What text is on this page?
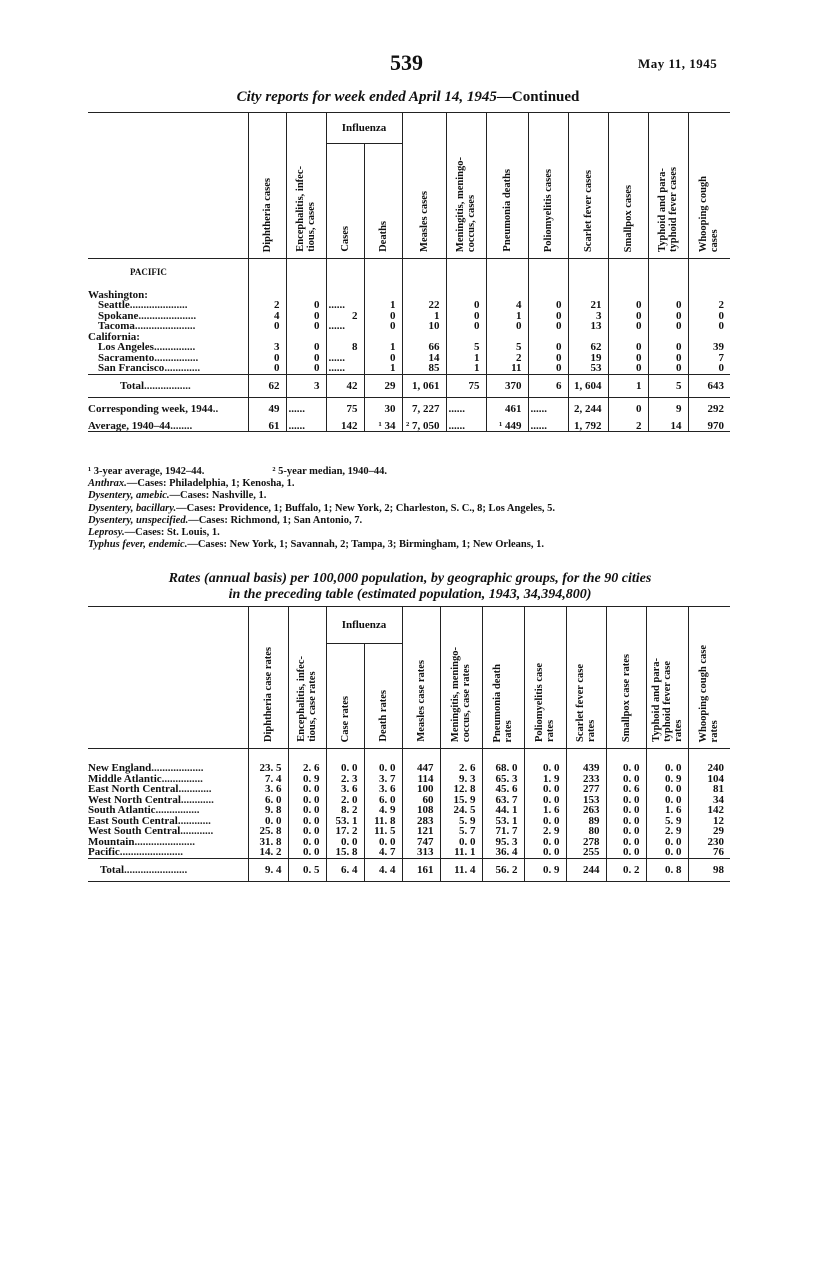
539	May 11, 1945
City reports for week ended April 14, 1945—Continued

	Diphtheria cases	Encephalitis, infec-
tious, cases	Influenza		Measles cases	Meningitis, meningo-
coccus, cases	Pneumonia deaths	Poliomyelitis cases	Scarlet fever cases	Smallpox cases	Typhoid and para-
typhoid fever cases	Whooping cough
cases

			Cases	Deaths								

PACIFIC												
Washington:												
Seattle.....................	2	0	......	1	22	0	4	0	21	0	0	2
Spokane.....................	4	0	2	0	1	0	1	0	3	0	0	0
Tacoma......................	0	0	......	0	10	0	0	0	13	0	0	0
California:												
Los Angeles...............	3	0	8	1	66	5	5	0	62	0	0	39
Sacramento................	0	0	......	0	14	1	2	0	19	0	0	7
San Francisco.............	0	0	......	1	85	1	11	0	53	0	0	0
Total.................	62	3	42	29	1, 061	75	370	6	1, 604	1	5	643
Corresponding week, 1944..	49	......	75	30	7, 227	......	461	......	2, 244	0	9	292
Average, 1940–44........	61	......	142	¹ 34	² 7, 050	......	¹ 449	......	1, 792	2	14	970
¹ 3-year average, 1942–44.	² 5-year median, 1940–44.
Anthrax.—Cases: Philadelphia, 1; Kenosha, 1.
Dysentery, amebic.—Cases: Nashville, 1.
Dysentery, bacillary.—Cases: Providence, 1; Buffalo, 1; New York, 2; Charleston, S. C., 8; Los Angeles, 5.
Dysentery, unspecified.—Cases: Richmond, 1; San Antonio, 7.
Leprosy.—Cases: St. Louis, 1.
Typhus fever, endemic.—Cases: New York, 1; Savannah, 2; Tampa, 3; Birmingham, 1; New Orleans, 1.
Rates (annual basis) per 100,000 population, by geographic groups, for the 90 cities
in the preceding table (estimated population, 1943, 34,394,800)

	Diphtheria case rates	Encephalitis, infec-
tious, case rates	Influenza		Measles case rates	Meningitis, meningo-
coccus, case rates	Pneumonia death
rates	Poliomyelitis case
rates	Scarlet fever case
rates	Smallpox case rates	Typhoid and para-
typhoid fever case
rates	Whooping cough case
rates

			Case rates	Death rates								

New England...................	23. 5	2. 6	0. 0	0. 0	447	2. 6	68. 0	0. 0	439	0. 0	0. 0	240
Middle Atlantic...............	7. 4	0. 9	2. 3	3. 7	114	9. 3	65. 3	1. 9	233	0. 0	0. 9	104
East North Central............	3. 6	0. 0	3. 6	3. 6	100	12. 8	45. 6	0. 0	277	0. 6	0. 0	81
West North Central............	6. 0	0. 0	2. 0	6. 0	60	15. 9	63. 7	0. 0	153	0. 0	0. 0	34
South Atlantic................	9. 8	0. 0	8. 2	4. 9	108	24. 5	44. 1	1. 6	263	0. 0	1. 6	142
East South Central............	0. 0	0. 0	53. 1	11. 8	283	5. 9	53. 1	0. 0	89	0. 0	5. 9	12
West South Central............	25. 8	0. 0	17. 2	11. 5	121	5. 7	71. 7	2. 9	80	0. 0	2. 9	29
Mountain......................	31. 8	0. 0	0. 0	0. 0	747	0. 0	95. 3	0. 0	278	0. 0	0. 0	230
Pacific.......................	14. 2	0. 0	15. 8	4. 7	313	11. 1	36. 4	0. 0	255	0. 0	0. 0	76
Total.......................	9. 4	0. 5	6. 4	4. 4	161	11. 4	56. 2	0. 9	244	0. 2	0. 8	98
